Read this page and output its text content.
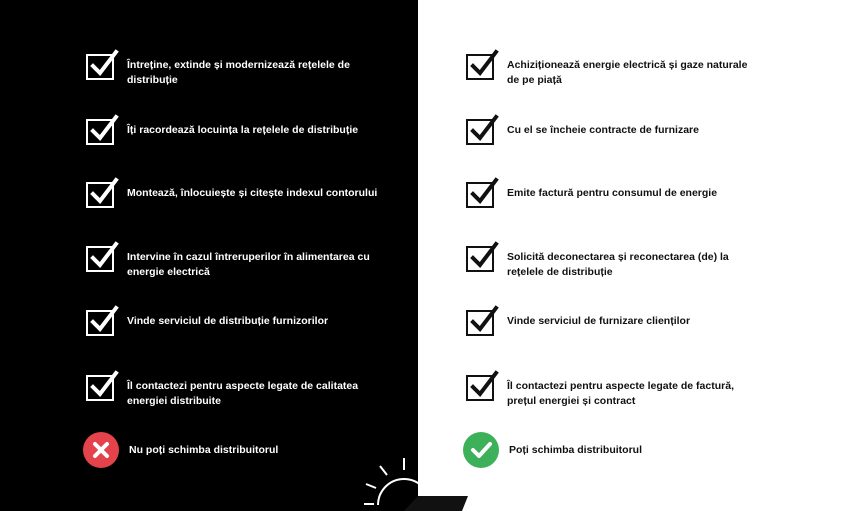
Întreține, extinde și modernizează rețelele de distribuție
Îți racordează locuința la rețelele de distribuție
Montează, înlocuiește și citește indexul contorului
Intervine în cazul întreruperilor în alimentarea cu energie electrică
Vinde serviciul de distribuție furnizorilor
Îl contactezi pentru aspecte legate de calitatea energiei distribuite
Nu poți schimba distribuitorul
Achiziționează energie electrică și gaze naturale de pe piață
Cu el se încheie contracte de furnizare
Emite factură pentru consumul de energie
Solicită deconectarea și reconectarea (de) la rețelele de distribuție
Vinde serviciul de furnizare clienților
Îl contactezi pentru aspecte legate de factură, prețul energiei și contract
Poți schimba distribuitorul
